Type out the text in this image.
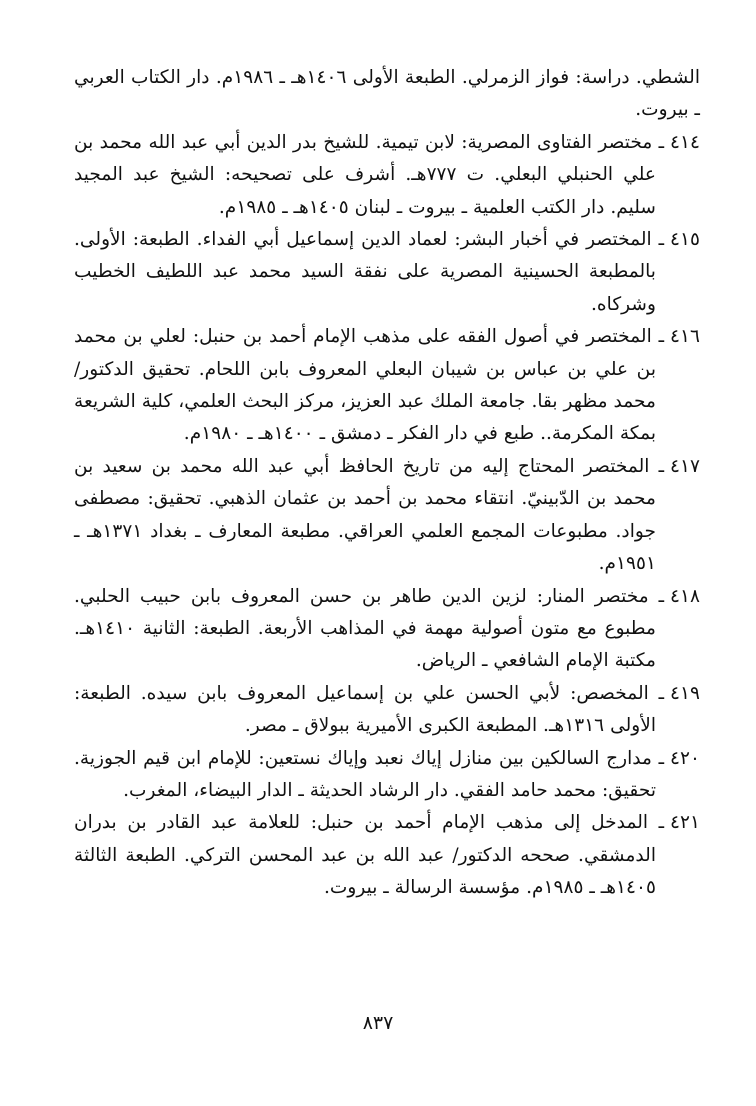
الشطي. دراسة: فواز الزمرلي. الطبعة الأولى ١٤٠٦هـ ـ ١٩٨٦م. دار الكتاب العربي ـ بيروت.

٤١٤ ـ مختصر الفتاوى المصرية: لابن تيمية. للشيخ بدر الدين أبي عبد الله محمد بن علي الحنبلي البعلي. ت ٧٧٧هـ. أشرف على تصحيحه: الشيخ عبد المجيد سليم. دار الكتب العلمية ـ بيروت ـ لبنان ١٤٠٥هـ ـ ١٩٨٥م.

٤١٥ ـ المختصر في أخبار البشر: لعماد الدين إسماعيل أبي الفداء. الطبعة: الأولى. بالمطبعة الحسينية المصرية على نفقة السيد محمد عبد اللطيف الخطيب وشركاه.

٤١٦ ـ المختصر في أصول الفقه على مذهب الإمام أحمد بن حنبل: لعلي بن محمد بن علي بن عباس بن شيبان البعلي المعروف بابن اللحام. تحقيق الدكتور/ محمد مظهر بقا. جامعة الملك عبد العزيز، مركز البحث العلمي، كلية الشريعة بمكة المكرمة.. طبع في دار الفكر ـ دمشق ـ ١٤٠٠هـ ـ ١٩٨٠م.

٤١٧ ـ المختصر المحتاج إليه من تاريخ الحافظ أبي عبد الله محمد بن سعيد بن محمد بن الدّبينيّ. انتقاء محمد بن أحمد بن عثمان الذهبي. تحقيق: مصطفى جواد. مطبوعات المجمع العلمي العراقي. مطبعة المعارف ـ بغداد ١٣٧١هـ ـ ١٩٥١م.

٤١٨ ـ مختصر المنار: لزين الدين طاهر بن حسن المعروف بابن حبيب الحلبي. مطبوع مع متون أصولية مهمة في المذاهب الأربعة. الطبعة: الثانية ١٤١٠هـ. مكتبة الإمام الشافعي ـ الرياض.

٤١٩ ـ المخصص: لأبي الحسن علي بن إسماعيل المعروف بابن سيده. الطبعة: الأولى ١٣١٦هـ. المطبعة الكبرى الأميرية ببولاق ـ مصر.

٤٢٠ ـ مدارج السالكين بين منازل إياك نعبد وإياك نستعين: للإمام ابن قيم الجوزية. تحقيق: محمد حامد الفقي. دار الرشاد الحديثة ـ الدار البيضاء، المغرب.

٤٢١ ـ المدخل إلى مذهب الإمام أحمد بن حنبل: للعلامة عبد القادر بن بدران الدمشقي. صححه الدكتور/ عبد الله بن عبد المحسن التركي. الطبعة الثالثة ١٤٠٥هـ ـ ١٩٨٥م. مؤسسة الرسالة ـ بيروت.

٨٣٧
